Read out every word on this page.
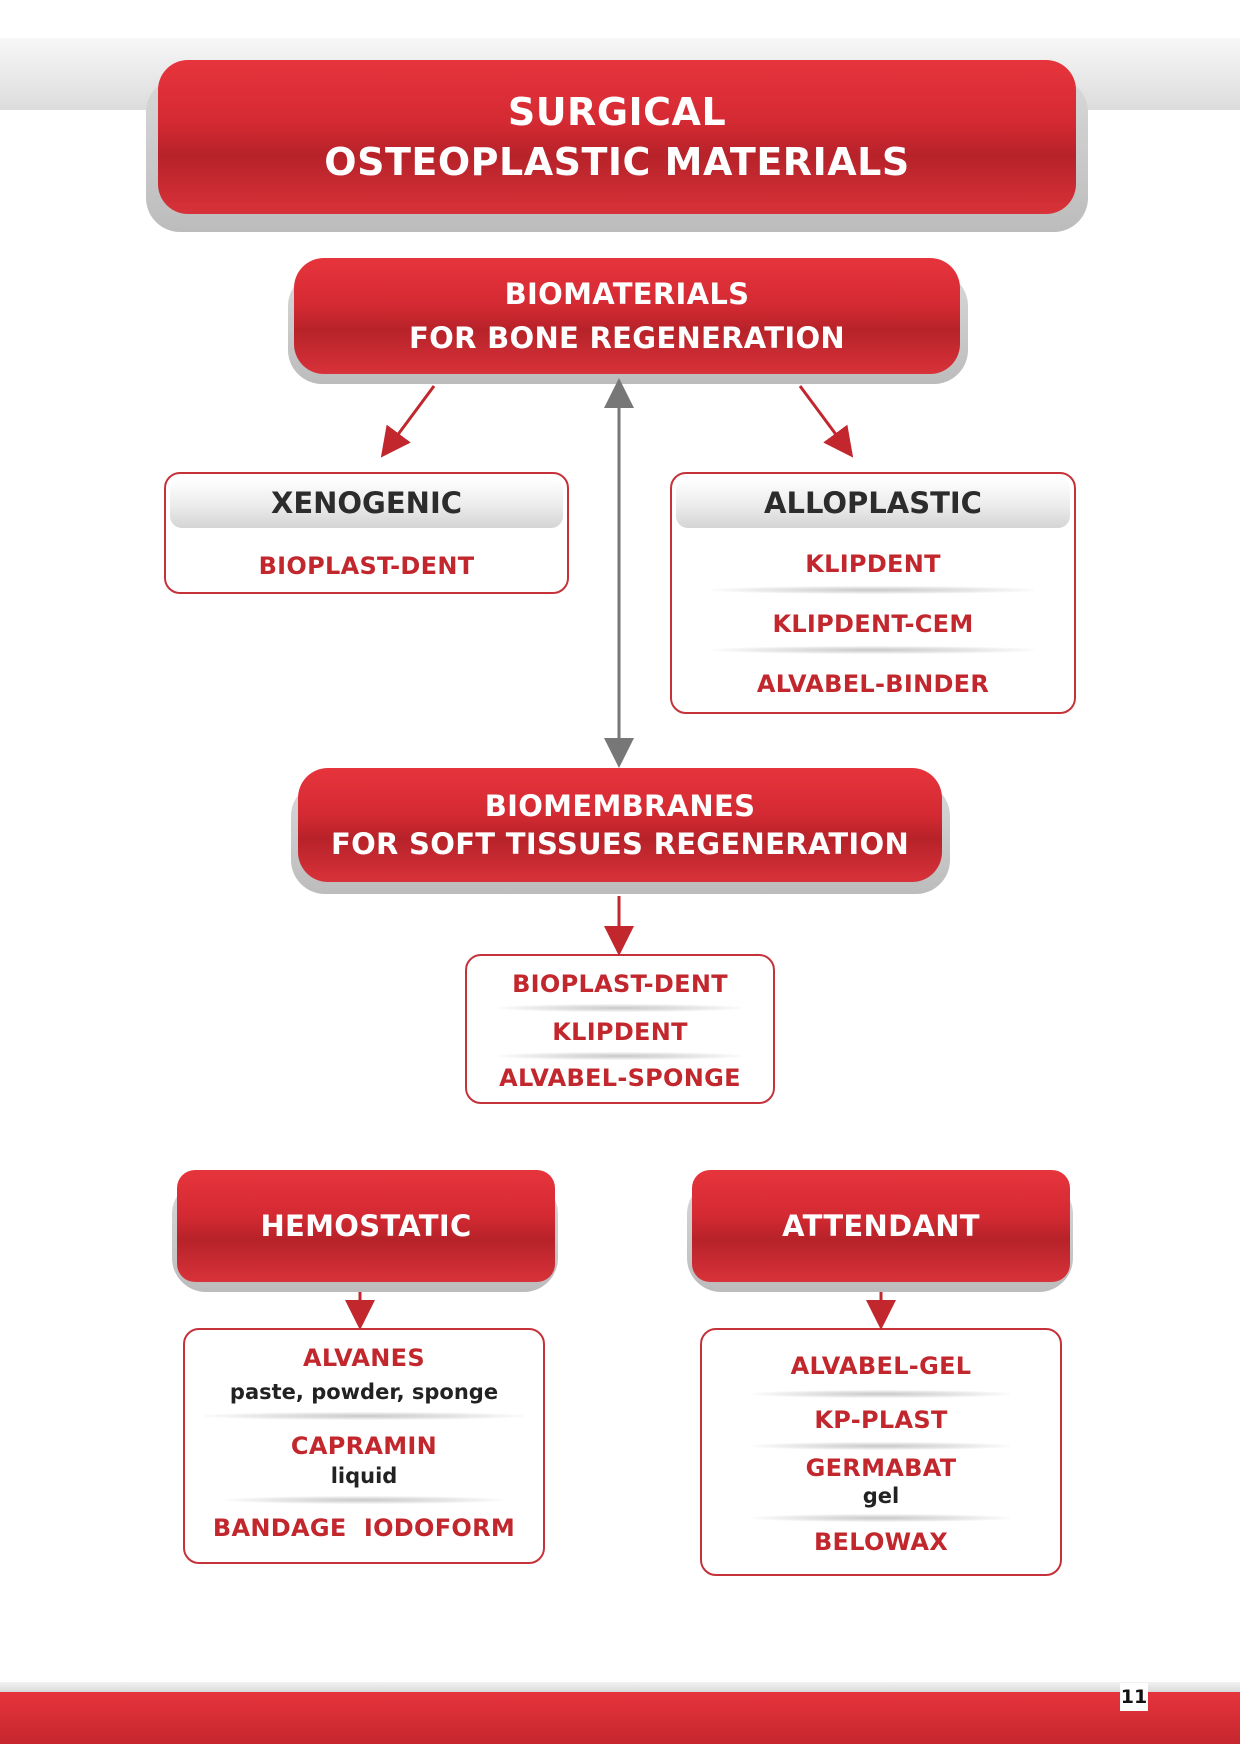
SURGICAL
OSTEOPLASTIC MATERIALS
BIOMATERIALS
FOR BONE REGENERATION
XENOGENIC
BIOPLAST-DENT
ALLOPLASTIC
KLIPDENT
KLIPDENT-CEM
ALVABEL-BINDER
BIOMEMBRANES
FOR SOFT TISSUES REGENERATION
BIOPLAST-DENT
KLIPDENT
ALVABEL-SPONGE
HEMOSTATIC
ALVANES
paste, powder, sponge
CAPRAMIN
liquid
BANDAGE  IODOFORM
ATTENDANT
ALVABEL-GEL
KP-PLAST
GERMABAT
gel
BELOWAX
11
